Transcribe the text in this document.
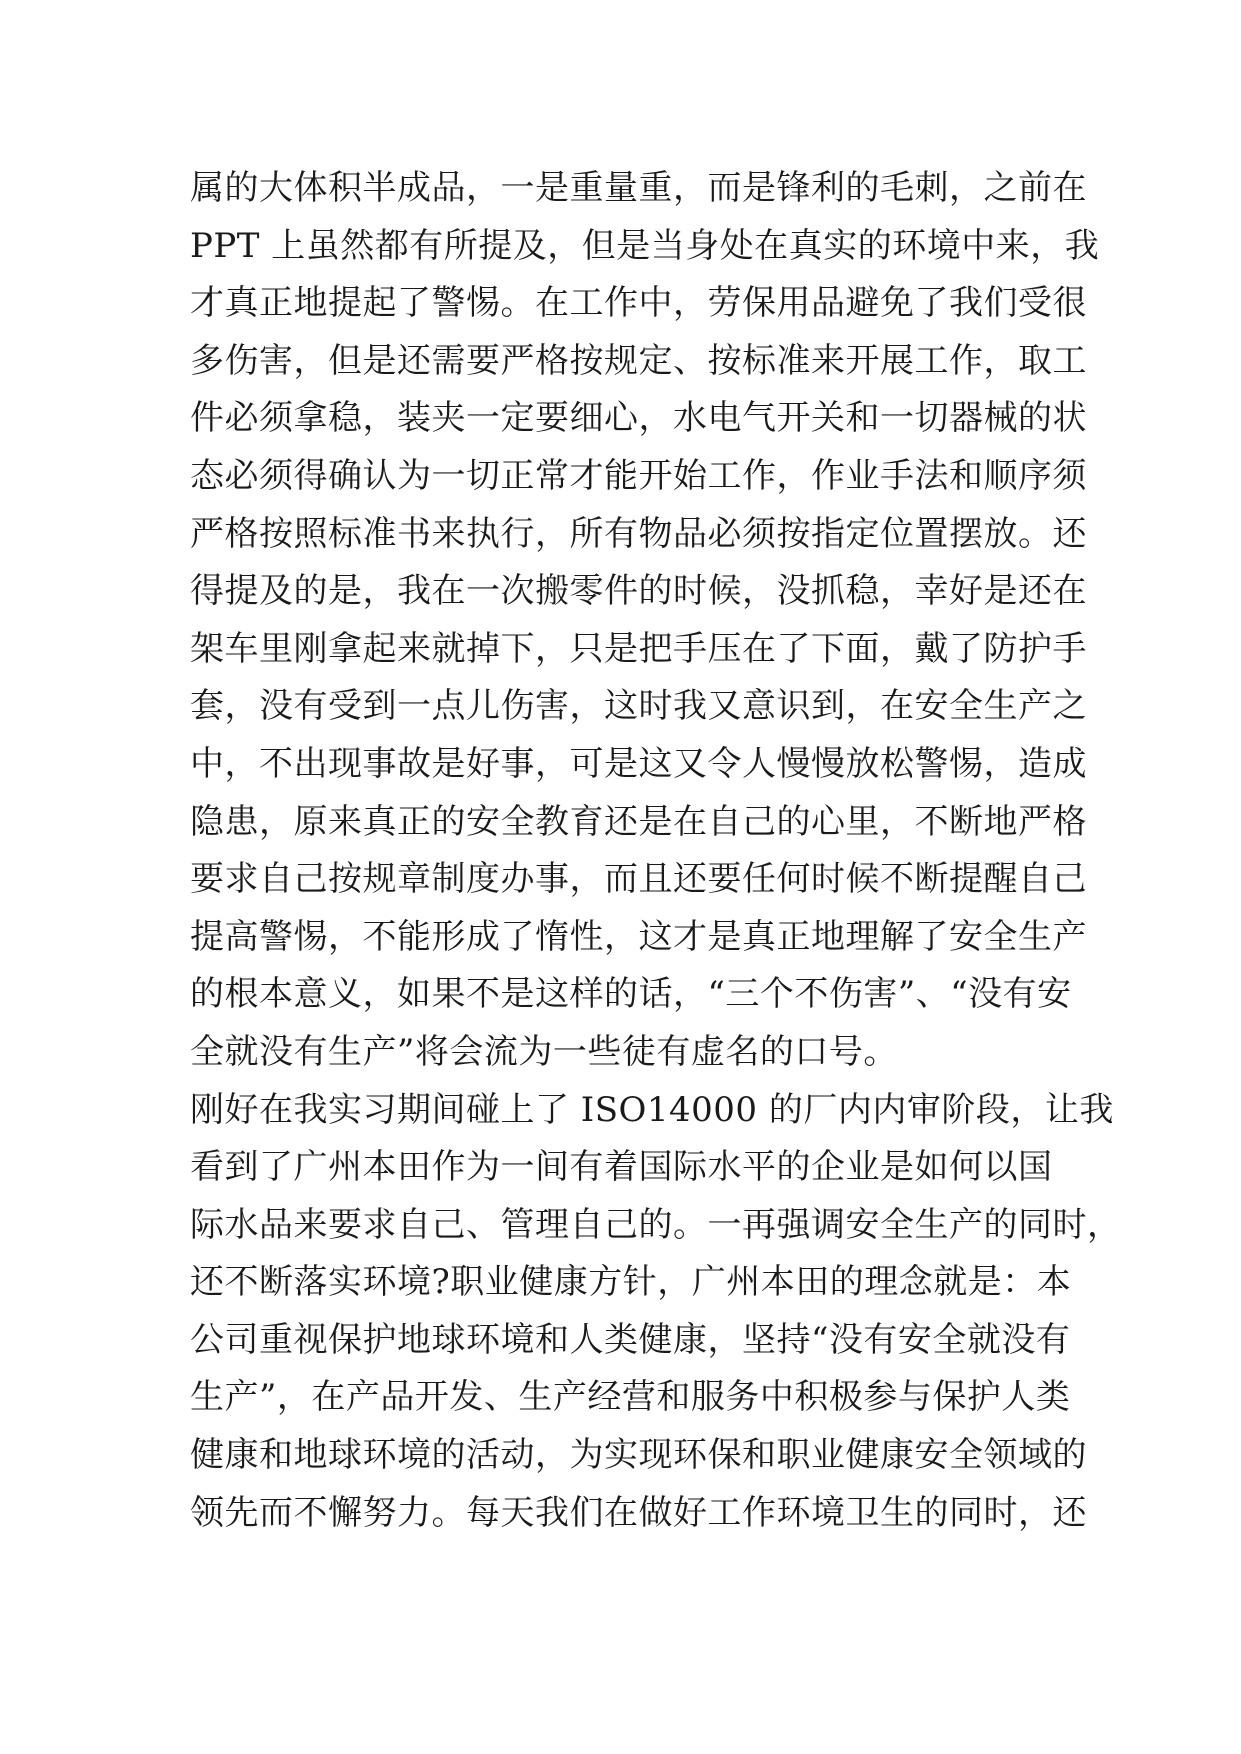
属的大体积半成品，一是重量重，而是锋利的毛刺，之前在
PPT 上虽然都有所提及，但是当身处在真实的环境中来，我
才真正地提起了警惕。在工作中，劳保用品避免了我们受很
多伤害，但是还需要严格按规定、按标准来开展工作，取工
件必须拿稳，装夹一定要细心，水电气开关和一切器械的状
态必须得确认为一切正常才能开始工作，作业手法和顺序须
严格按照标准书来执行，所有物品必须按指定位置摆放。还
得提及的是，我在一次搬零件的时候，没抓稳，幸好是还在
架车里刚拿起来就掉下，只是把手压在了下面，戴了防护手
套，没有受到一点儿伤害，这时我又意识到，在安全生产之
中，不出现事故是好事，可是这又令人慢慢放松警惕，造成
隐患，原来真正的安全教育还是在自己的心里，不断地严格
要求自己按规章制度办事，而且还要任何时候不断提醒自己
提高警惕，不能形成了惰性，这才是真正地理解了安全生产
的根本意义，如果不是这样的话，“三个不伤害”、“没有安
全就没有生产”将会流为一些徒有虚名的口号。
刚好在我实习期间碰上了 ISO14000 的厂内内审阶段，让我
看到了广州本田作为一间有着国际水平的企业是如何以国
际水品来要求自己、管理自己的。一再强调安全生产的同时，
还不断落实环境?职业健康方针，广州本田的理念就是：本
公司重视保护地球环境和人类健康，坚持“没有安全就没有
生产”，在产品开发、生产经营和服务中积极参与保护人类
健康和地球环境的活动，为实现环保和职业健康安全领域的
领先而不懈努力。每天我们在做好工作环境卫生的同时，还
